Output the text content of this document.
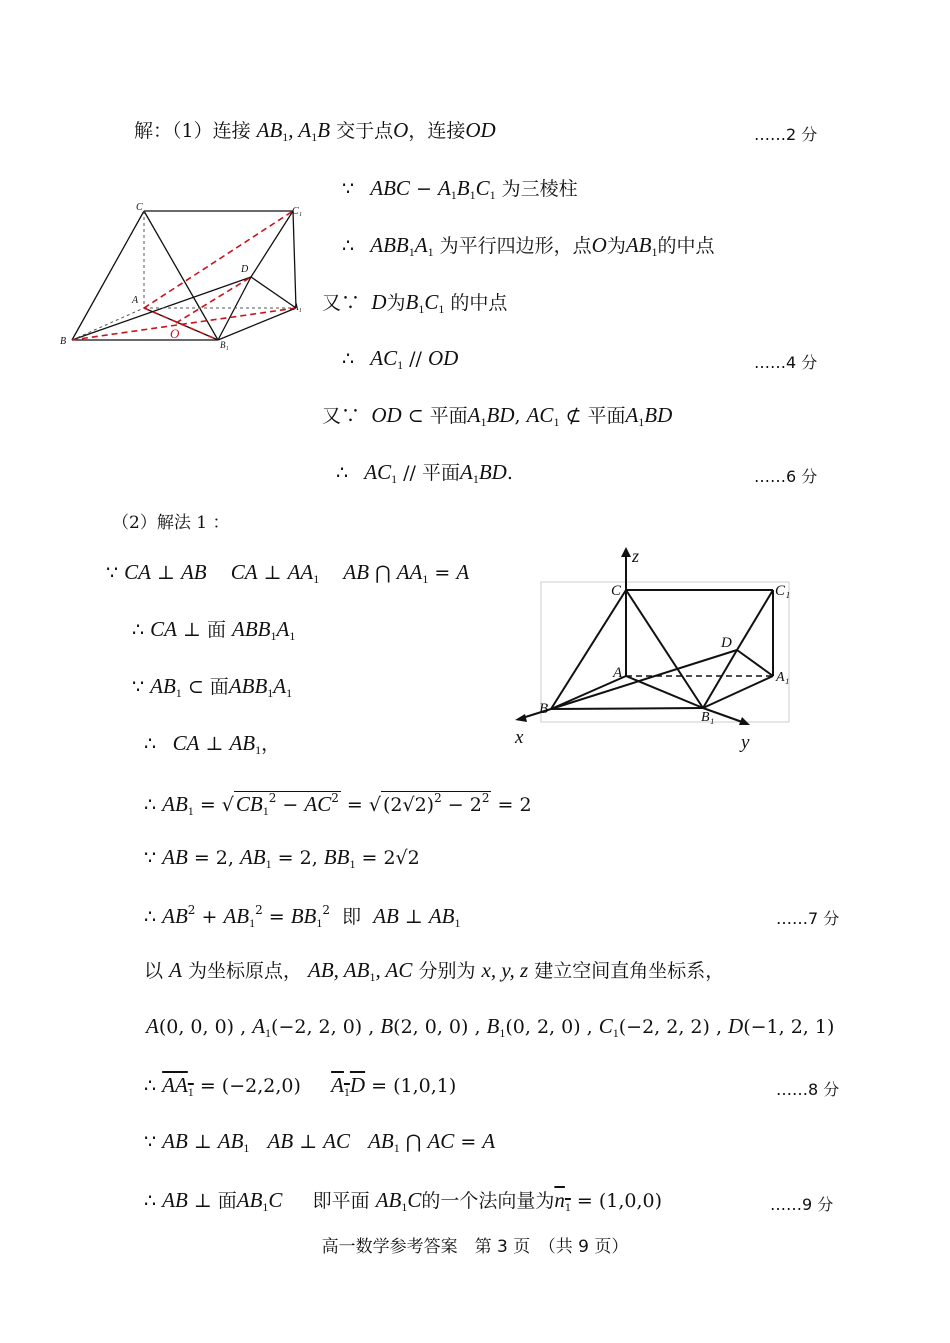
解：（1）连接 $AB_1$, $A_1B$ 交于点O，连接OD	……2 分
C	C₁
D
A
A₁
B
O
B₁
∵   ABC − $A_1B_1C_1$ 为三棱柱
∴   $ABB_1A_1$ 为平行四边形，点O为$AB_1$的中点
又∵  D为$B_1C_1$ 的中点
∴   $AC_1$ // OD	……4 分
又∵  OD ⊂ 平面$A_1BD$, $AC_1$ ⊄ 平面$A_1BD$
∴   $AC_1$ // 平面$A_1BD$.	……6 分
（2）解法 1 ：
∵ CA ⊥ AB CA ⊥ $AA_1$ AB ⋂ $AA_1 = A$
∴ CA ⊥ 面 $ABB_1A_1$
∵ $AB_1$ ⊂ 面$ABB_1A_1$
∴   CA ⊥ $AB_1$，
z
C	C₁
D
A	A₁
B
B₁
x	y
∴ $AB_1 = √CB_1^2 - AC^2$ = √ $(2√2)^2 - 2^2 = 2$
∵ AB = 2, $AB_1 = 2$, $BB_1 = 2√2$
∴ $AB^2 + AB_1^2 = BB_1^2$ 即 AB ⊥ $AB_1$	……7 分
以 A 为坐标原点， AB, $AB_1$, AC 分别为 x, y, z 建立空间直角坐标系，
A(0, 0, 0) , $A_1(-2$, 2, 0) , B(2, 0, 0) , $B_1(0$, 2, 0) , $C_1(-2$, 2, 2) , D(−1, 2, 1)
∴ $AA_1 = (-2,2,0)$     $A_1D = (1,0,1)$	……8 分
∵ AB ⊥ $AB_1$ AB ⊥ AC $AB_1$ ⋂ AC = A
∴ AB ⊥ 面$AB_1C$ 即平面 $AB_1C$的一个法向量为$n_1 = (1,0,0)$	……9 分
高一数学参考答案　第 3 页　（共 9 页）
